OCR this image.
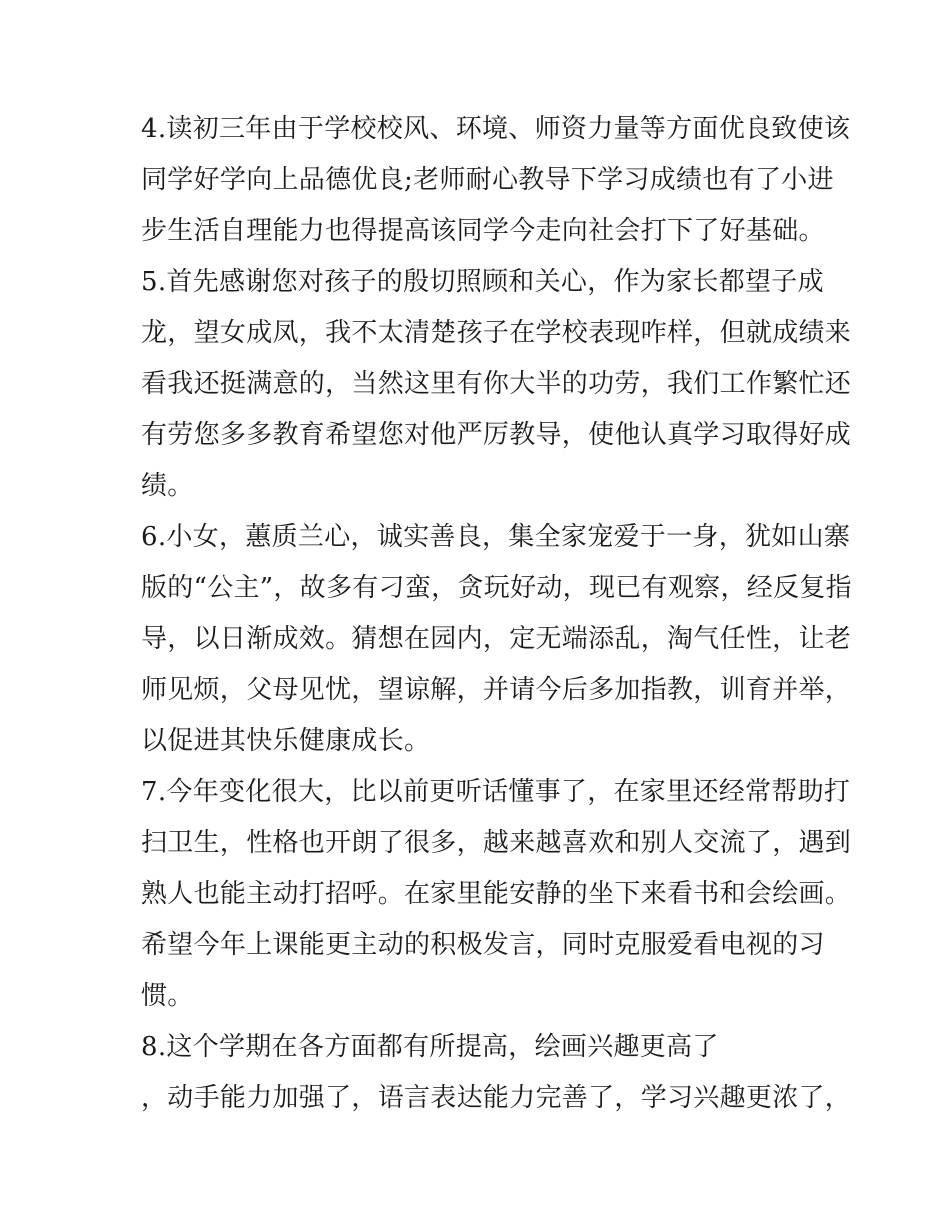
4.读初三年由于学校校风、环境、师资力量等方面优良致使该
同学好学向上品德优良;老师耐心教导下学习成绩也有了小进
步生活自理能力也得提高该同学今走向社会打下了好基础。
5.首先感谢您对孩子的殷切照顾和关心，作为家长都望子成
龙，望女成凤，我不太清楚孩子在学校表现咋样，但就成绩来
看我还挺满意的，当然这里有你大半的功劳，我们工作繁忙还
有劳您多多教育希望您对他严厉教导，使他认真学习取得好成
绩。
6.小女，蕙质兰心，诚实善良，集全家宠爱于一身，犹如山寨
版的“公主”，故多有刁蛮，贪玩好动，现已有观察，经反复指
导，以日渐成效。猜想在园内，定无端添乱，淘气任性，让老
师见烦，父母见忧，望谅解，并请今后多加指教，训育并举，
以促进其快乐健康成长。
7.今年变化很大，比以前更听话懂事了，在家里还经常帮助打
扫卫生，性格也开朗了很多，越来越喜欢和别人交流了，遇到
熟人也能主动打招呼。在家里能安静的坐下来看书和会绘画。
希望今年上课能更主动的积极发言，同时克服爱看电视的习
惯。
8.这个学期在各方面都有所提高，绘画兴趣更高了
，动手能力加强了，语言表达能力完善了，学习兴趣更浓了，
